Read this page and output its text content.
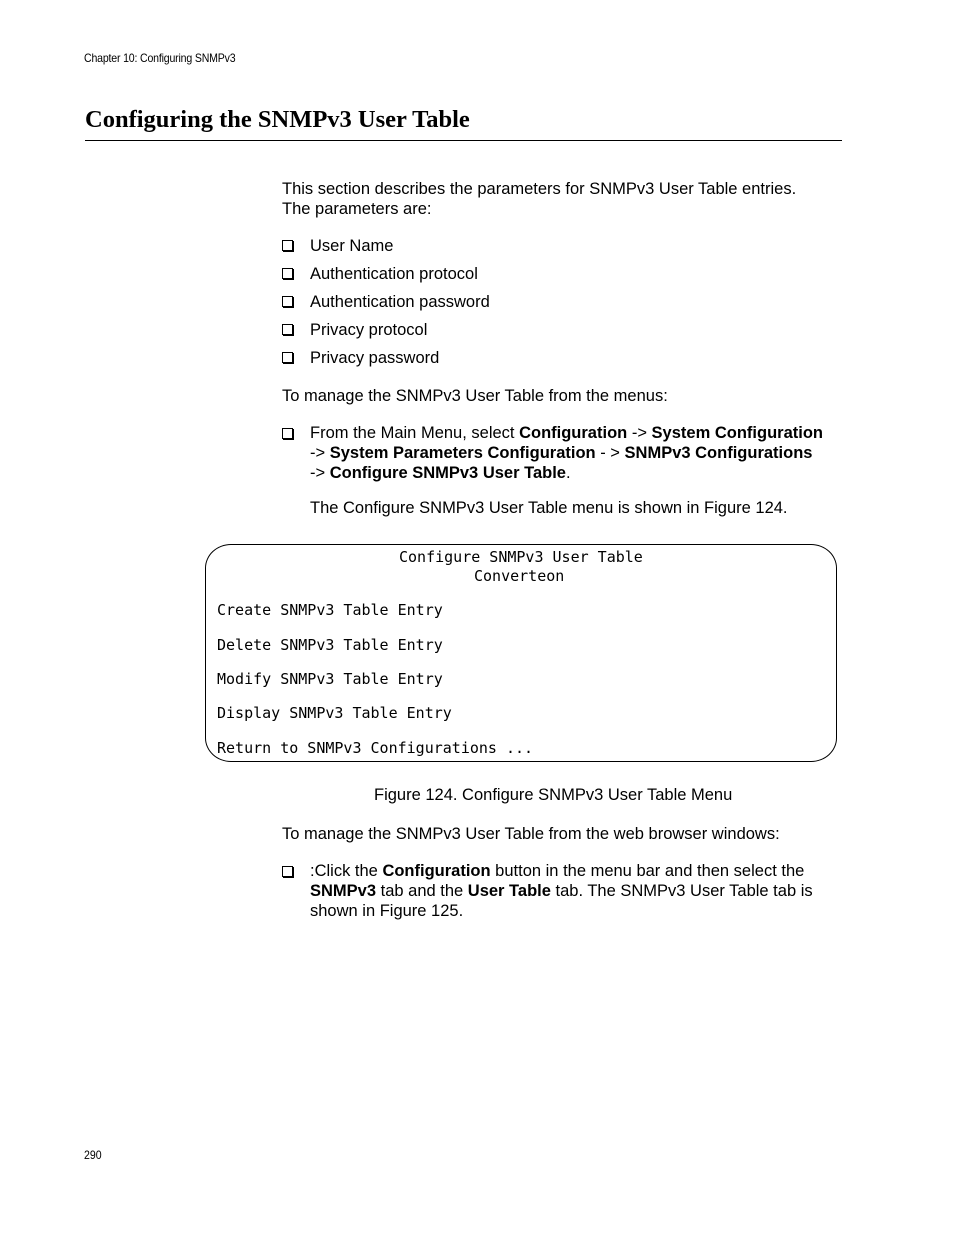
Chapter 10: Configuring SNMPv3
Configuring the SNMPv3 User Table
This section describes the parameters for SNMPv3 User Table entries.
The parameters are:
User Name
Authentication protocol
Authentication password
Privacy protocol
Privacy password
To manage the SNMPv3 User Table from the menus:
From the Main Menu, select Configuration -> System Configuration
-> System Parameters Configuration - > SNMPv3 Configurations
-> Configure SNMPv3 User Table.
The Configure SNMPv3 User Table menu is shown in Figure 124.
Configure SNMPv3 User Table
Converteon
Create SNMPv3 Table Entry
Delete SNMPv3 Table Entry
Modify SNMPv3 Table Entry
Display SNMPv3 Table Entry
Return to SNMPv3 Configurations ...
Figure 124. Configure SNMPv3 User Table Menu
To manage the SNMPv3 User Table from the web browser windows:
:Click the Configuration button in the menu bar and then select the
SNMPv3 tab and the User Table tab. The SNMPv3 User Table tab is
shown in Figure 125.
290
